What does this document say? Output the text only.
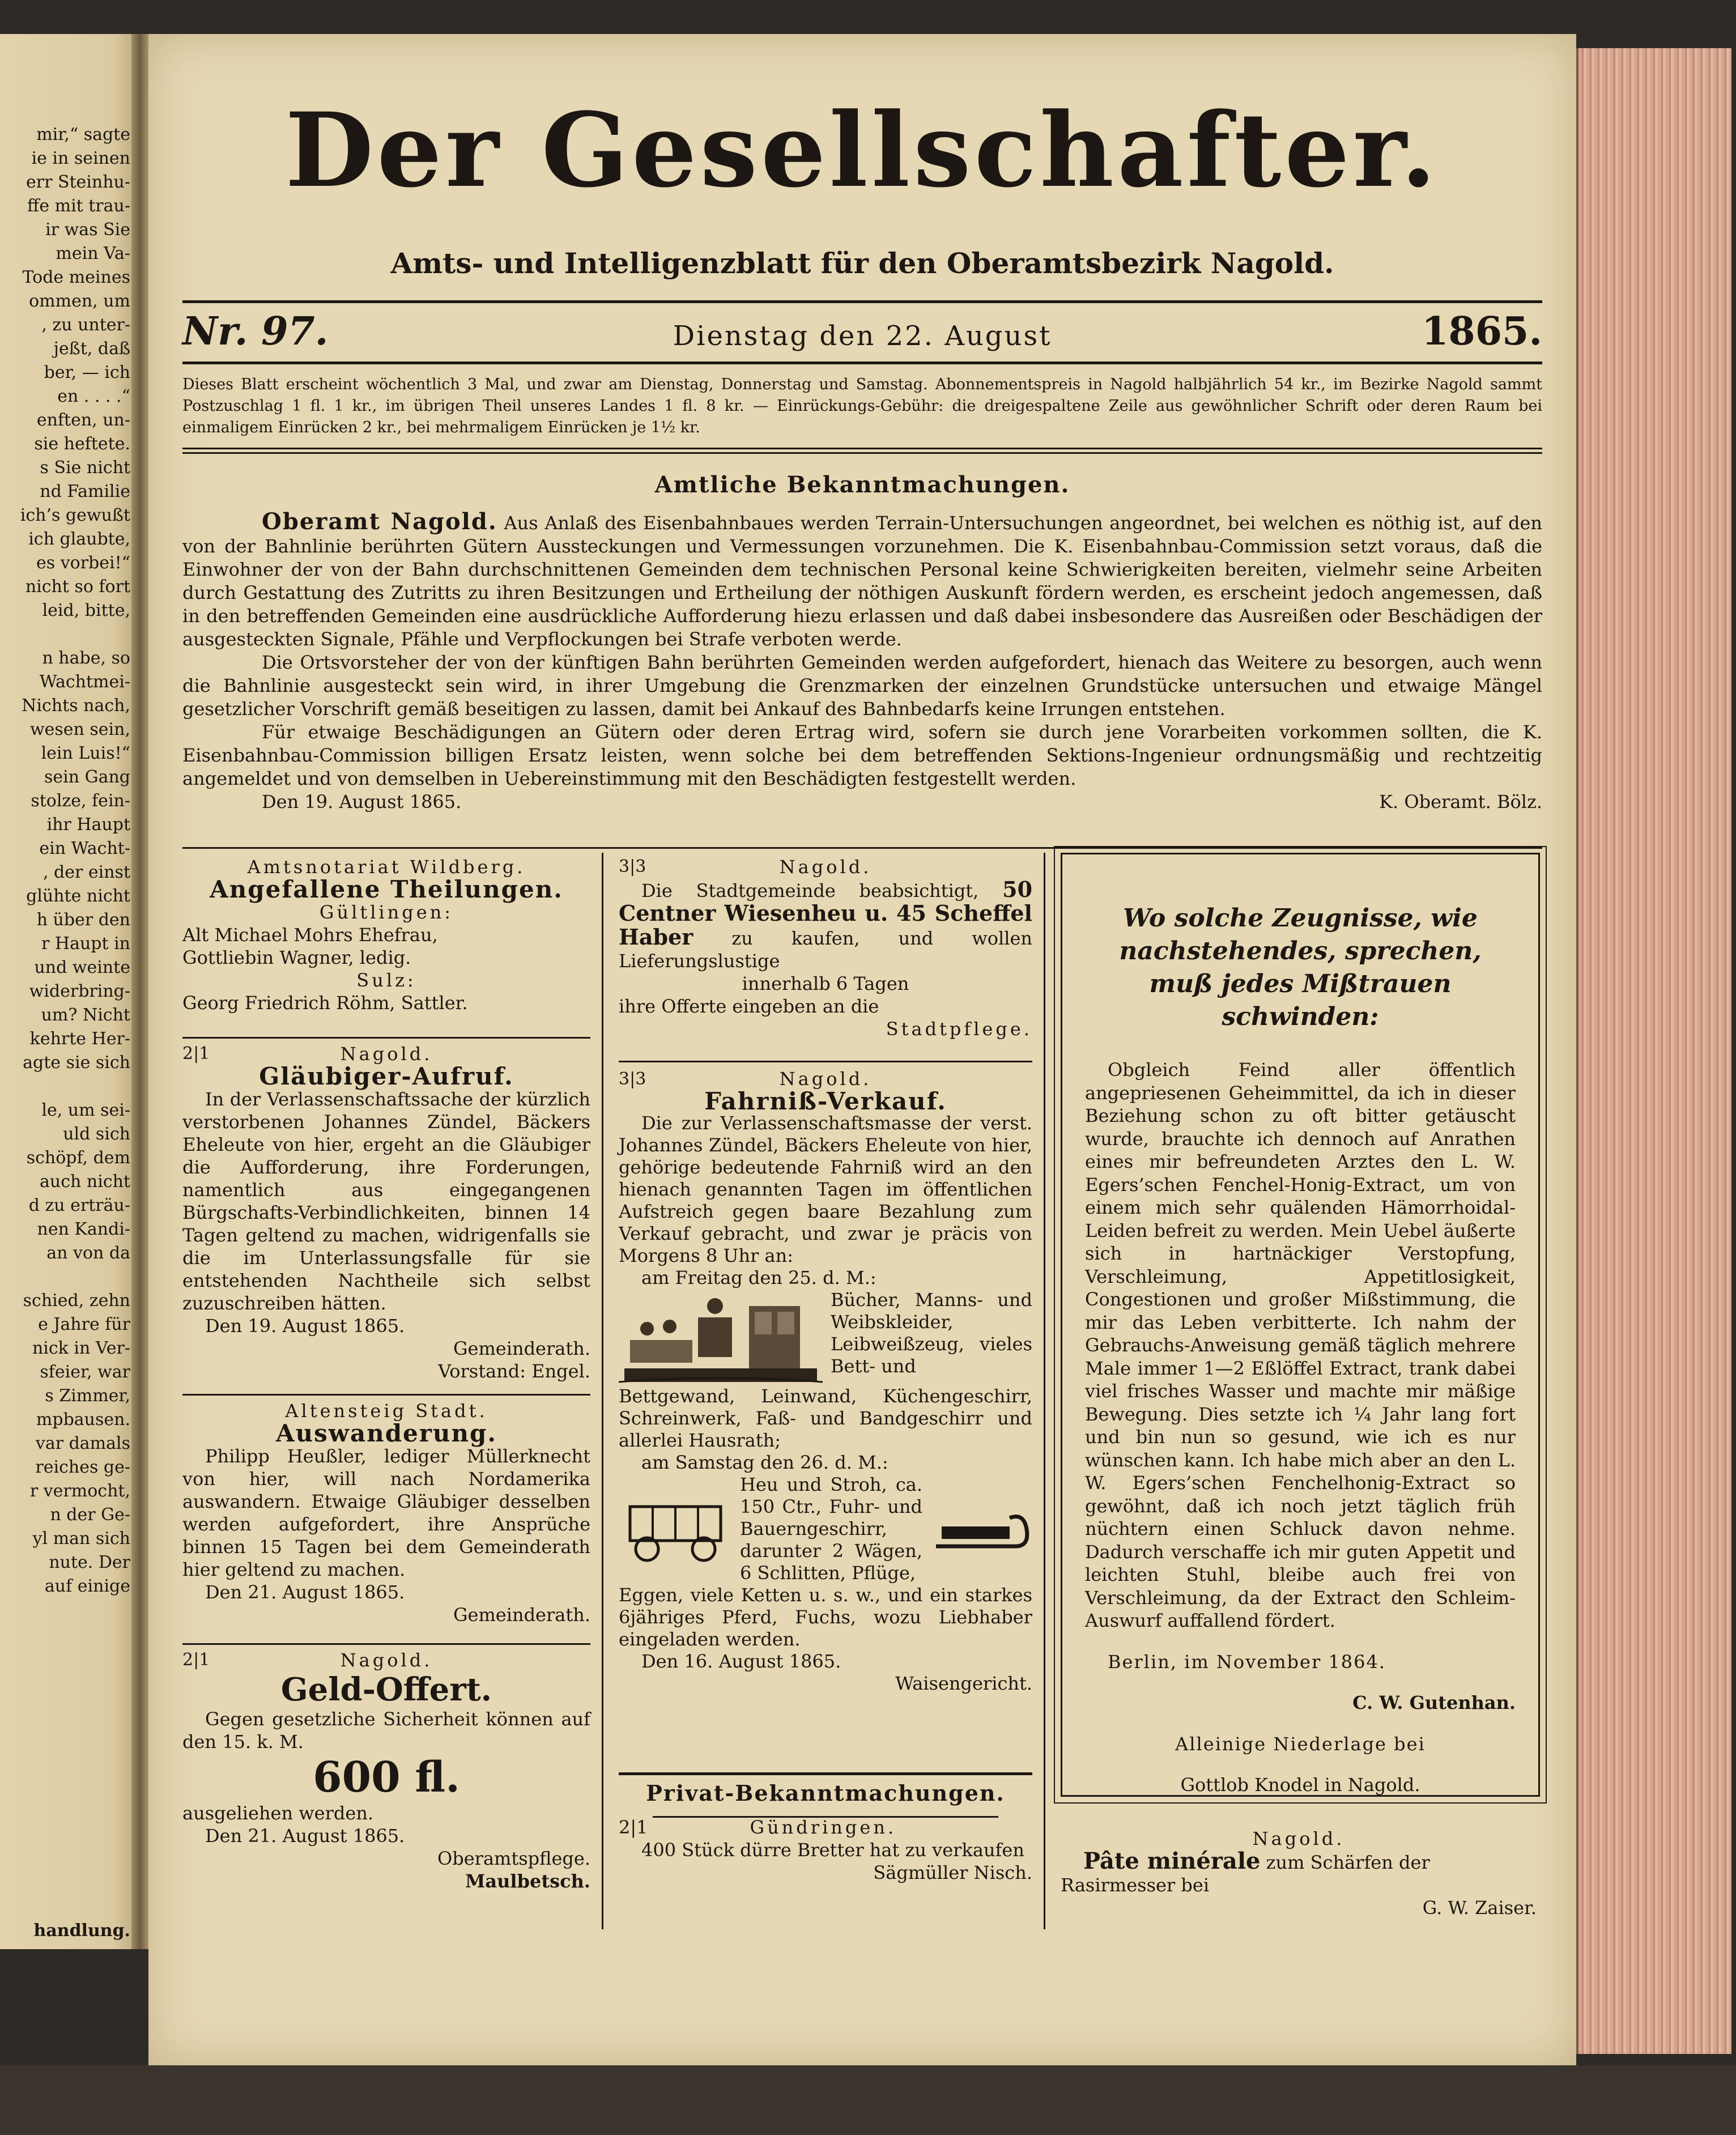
mir,“ sagte
ie in seinen
err Steinhu-
ffe mit trau-
ir was Sie
mein Va-
Tode meines
ommen, um
, zu unter-
jeßt, daß
ber, — ich
en . . . .“
enften, un-
sie heftete.
s Sie nicht
nd Familie
ich’s gewußt
ich glaubte,
es vorbei!“
nicht so fort
leid, bitte,
n habe, so
Wachtmei-
Nichts nach,
wesen sein,
lein Luis!“
sein Gang
stolze, fein-
ihr Haupt
ein Wacht-
, der einst
glühte nicht
h über den
r Haupt in
und weinte
widerbring-
um? Nicht
kehrte Her-
agte sie sich
le, um sei-
uld sich
schöpf, dem
auch nicht
d zu erträu-
nen Kandi-
an von da
schied, zehn
e Jahre für
nick in Ver-
sfeier, war
s Zimmer,
mpbausen.
var damals
reiches ge-
r vermocht,
n der Ge-
yl man sich
nute. Der
auf einige
handlung.
Der Gesellschafter.
Amts- und Intelligenzblatt für den Oberamtsbezirk Nagold.
Nr. 97.	Dienstag den 22. August	1865.
Dieses Blatt erscheint wöchentlich 3 Mal, und zwar am Dienstag, Donnerstag und Samstag. Abonnementspreis in Nagold halbjährlich 54 kr., im Bezirke Nagold sammt Postzuschlag 1 fl. 1 kr., im übrigen Theil unseres Landes 1 fl. 8 kr. — Einrückungs-Gebühr: die dreigespaltene Zeile aus gewöhnlicher Schrift oder deren Raum bei einmaligem Einrücken 2 kr., bei mehrmaligem Einrücken je 1½ kr.
Amtliche Bekanntmachungen.

Oberamt Nagold. Aus Anlaß des Eisenbahnbaues werden Terrain-Untersuchungen angeordnet, bei welchen es nöthig ist, auf den von der Bahnlinie berührten Gütern Aussteckungen und Vermessungen vorzunehmen. Die K. Eisenbahnbau-Commission setzt voraus, daß die Einwohner der von der Bahn durchschnittenen Gemeinden dem technischen Personal keine Schwierigkeiten bereiten, vielmehr seine Arbeiten durch Gestattung des Zutritts zu ihren Besitzungen und Ertheilung der nöthigen Auskunft fördern werden, es erscheint jedoch angemessen, daß in den betreffenden Gemeinden eine ausdrückliche Aufforderung hiezu erlassen und daß dabei insbesondere das Ausreißen oder Beschädigen der ausgesteckten Signale, Pfähle und Verpflockungen bei Strafe verboten werde.

Die Ortsvorsteher der von der künftigen Bahn berührten Gemeinden werden aufgefordert, hienach das Weitere zu besorgen, auch wenn die Bahnlinie ausgesteckt sein wird, in ihrer Umgebung die Grenzmarken der einzelnen Grundstücke untersuchen und etwaige Mängel gesetzlicher Vorschrift gemäß beseitigen zu lassen, damit bei Ankauf des Bahnbedarfs keine Irrungen entstehen.

Für etwaige Beschädigungen an Gütern oder deren Ertrag wird, sofern sie durch jene Vorarbeiten vorkommen sollten, die K. Eisenbahnbau-Commission billigen Ersatz leisten, wenn solche bei dem betreffenden Sektions-Ingenieur ordnungsmäßig und rechtzeitig angemeldet und von demselben in Uebereinstimmung mit den Beschädigten festgestellt werden.

Den 19. August 1865.	K. Oberamt. Bölz.

Amtsnotariat Wildberg.

Angefallene Theilungen.

Gültlingen:

Alt Michael Mohrs Ehefrau,

Gottliebin Wagner, ledig.

Sulz:

Georg Friedrich Röhm, Sattler.

2|1	Nagold.

Gläubiger-Aufruf.

In der Verlassenschaftssache der kürzlich verstorbenen Johannes Zündel, Bäckers Eheleute von hier, ergeht an die Gläubiger die Aufforderung, ihre Forderungen, namentlich aus eingegangenen Bürgschafts-Verbindlichkeiten, binnen 14 Tagen geltend zu machen, widrigenfalls sie die im Unterlassungsfalle für sie entstehenden Nachtheile sich selbst zuzuschreiben hätten.

Den 19. August 1865.

Gemeinderath.

Vorstand: Engel.

Altensteig Stadt.

Auswanderung.

Philipp Heußler, lediger Müllerknecht von hier, will nach Nordamerika auswandern. Etwaige Gläubiger desselben werden aufgefordert, ihre Ansprüche binnen 15 Tagen bei dem Gemeinderath hier geltend zu machen.

Den 21. August 1865.

Gemeinderath.

2|1	Nagold.

Geld-Offert.

Gegen gesetzliche Sicherheit können auf den 15. k. M.

600 fl.

ausgeliehen werden.

Den 21. August 1865.

Oberamtspflege.

Maulbetsch.

3|3	Nagold.

Die Stadtgemeinde beabsichtigt, 50 Centner Wiesenheu u. 45 Scheffel Haber zu kaufen, und wollen Lieferungslustige

innerhalb 6 Tagen

ihre Offerte eingeben an die

Stadtpflege.

3|3	Nagold.

Fahrniß-Verkauf.

Die zur Verlassenschaftsmasse der verst. Johannes Zündel, Bäckers Eheleute von hier, gehörige bedeutende Fahrniß wird an den hienach genannten Tagen im öffentlichen Aufstreich gegen baare Bezahlung zum Verkauf gebracht, und zwar je präcis von Morgens 8 Uhr an:

am Freitag den 25. d. M.:

Bücher, Manns- und Weibskleider, Leibweißzeug, vieles Bett- und

Bettgewand, Leinwand, Küchengeschirr, Schreinwerk, Faß- und Bandgeschirr und allerlei Hausrath;

am Samstag den 26. d. M.:

Heu und Stroh, ca. 150 Ctr., Fuhr- und Bauerngeschirr, darunter 2 Wägen, 6 Schlitten, Pflüge,

Eggen, viele Ketten u. s. w., und ein starkes 6jähriges Pferd, Fuchs, wozu Liebhaber eingeladen werden.

Den 16. August 1865.

Waisengericht.

Privat-Bekanntmachungen.

2|1	Gündringen.

400 Stück dürre Bretter hat zu verkaufen

Sägmüller Nisch.

Wo solche Zeugnisse, wie nachstehendes, sprechen, muß jedes Mißtrauen schwinden:

Obgleich Feind aller öffentlich angepriesenen Geheimmittel, da ich in dieser Beziehung schon zu oft bitter getäuscht wurde, brauchte ich dennoch auf Anrathen eines mir befreundeten Arztes den L. W. Egers’schen Fenchel-Honig-Extract, um von einem mich sehr quälenden Hämorrhoidal-Leiden befreit zu werden. Mein Uebel äußerte sich in hartnäckiger Verstopfung, Verschleimung, Appetitlosigkeit, Congestionen und großer Mißstimmung, die mir das Leben verbitterte. Ich nahm der Gebrauchs-Anweisung gemäß täglich mehrere Male immer 1—2 Eßlöffel Extract, trank dabei viel frisches Wasser und machte mir mäßige Bewegung. Dies setzte ich ¼ Jahr lang fort und bin nun so gesund, wie ich es nur wünschen kann. Ich habe mich aber an den L. W. Egers’schen Fenchelhonig-Extract so gewöhnt, daß ich noch jetzt täglich früh nüchtern einen Schluck davon nehme. Dadurch verschaffe ich mir guten Appetit und leichten Stuhl, bleibe auch frei von Verschleimung, da der Extract den Schleim-Auswurf auffallend fördert.

Berlin, im November 1864.

C. W. Gutenhan.

Alleinige Niederlage bei

Gottlob Knodel in Nagold.

Nagold.

Pâte minérale zum Schärfen der Rasirmesser bei

G. W. Zaiser.
